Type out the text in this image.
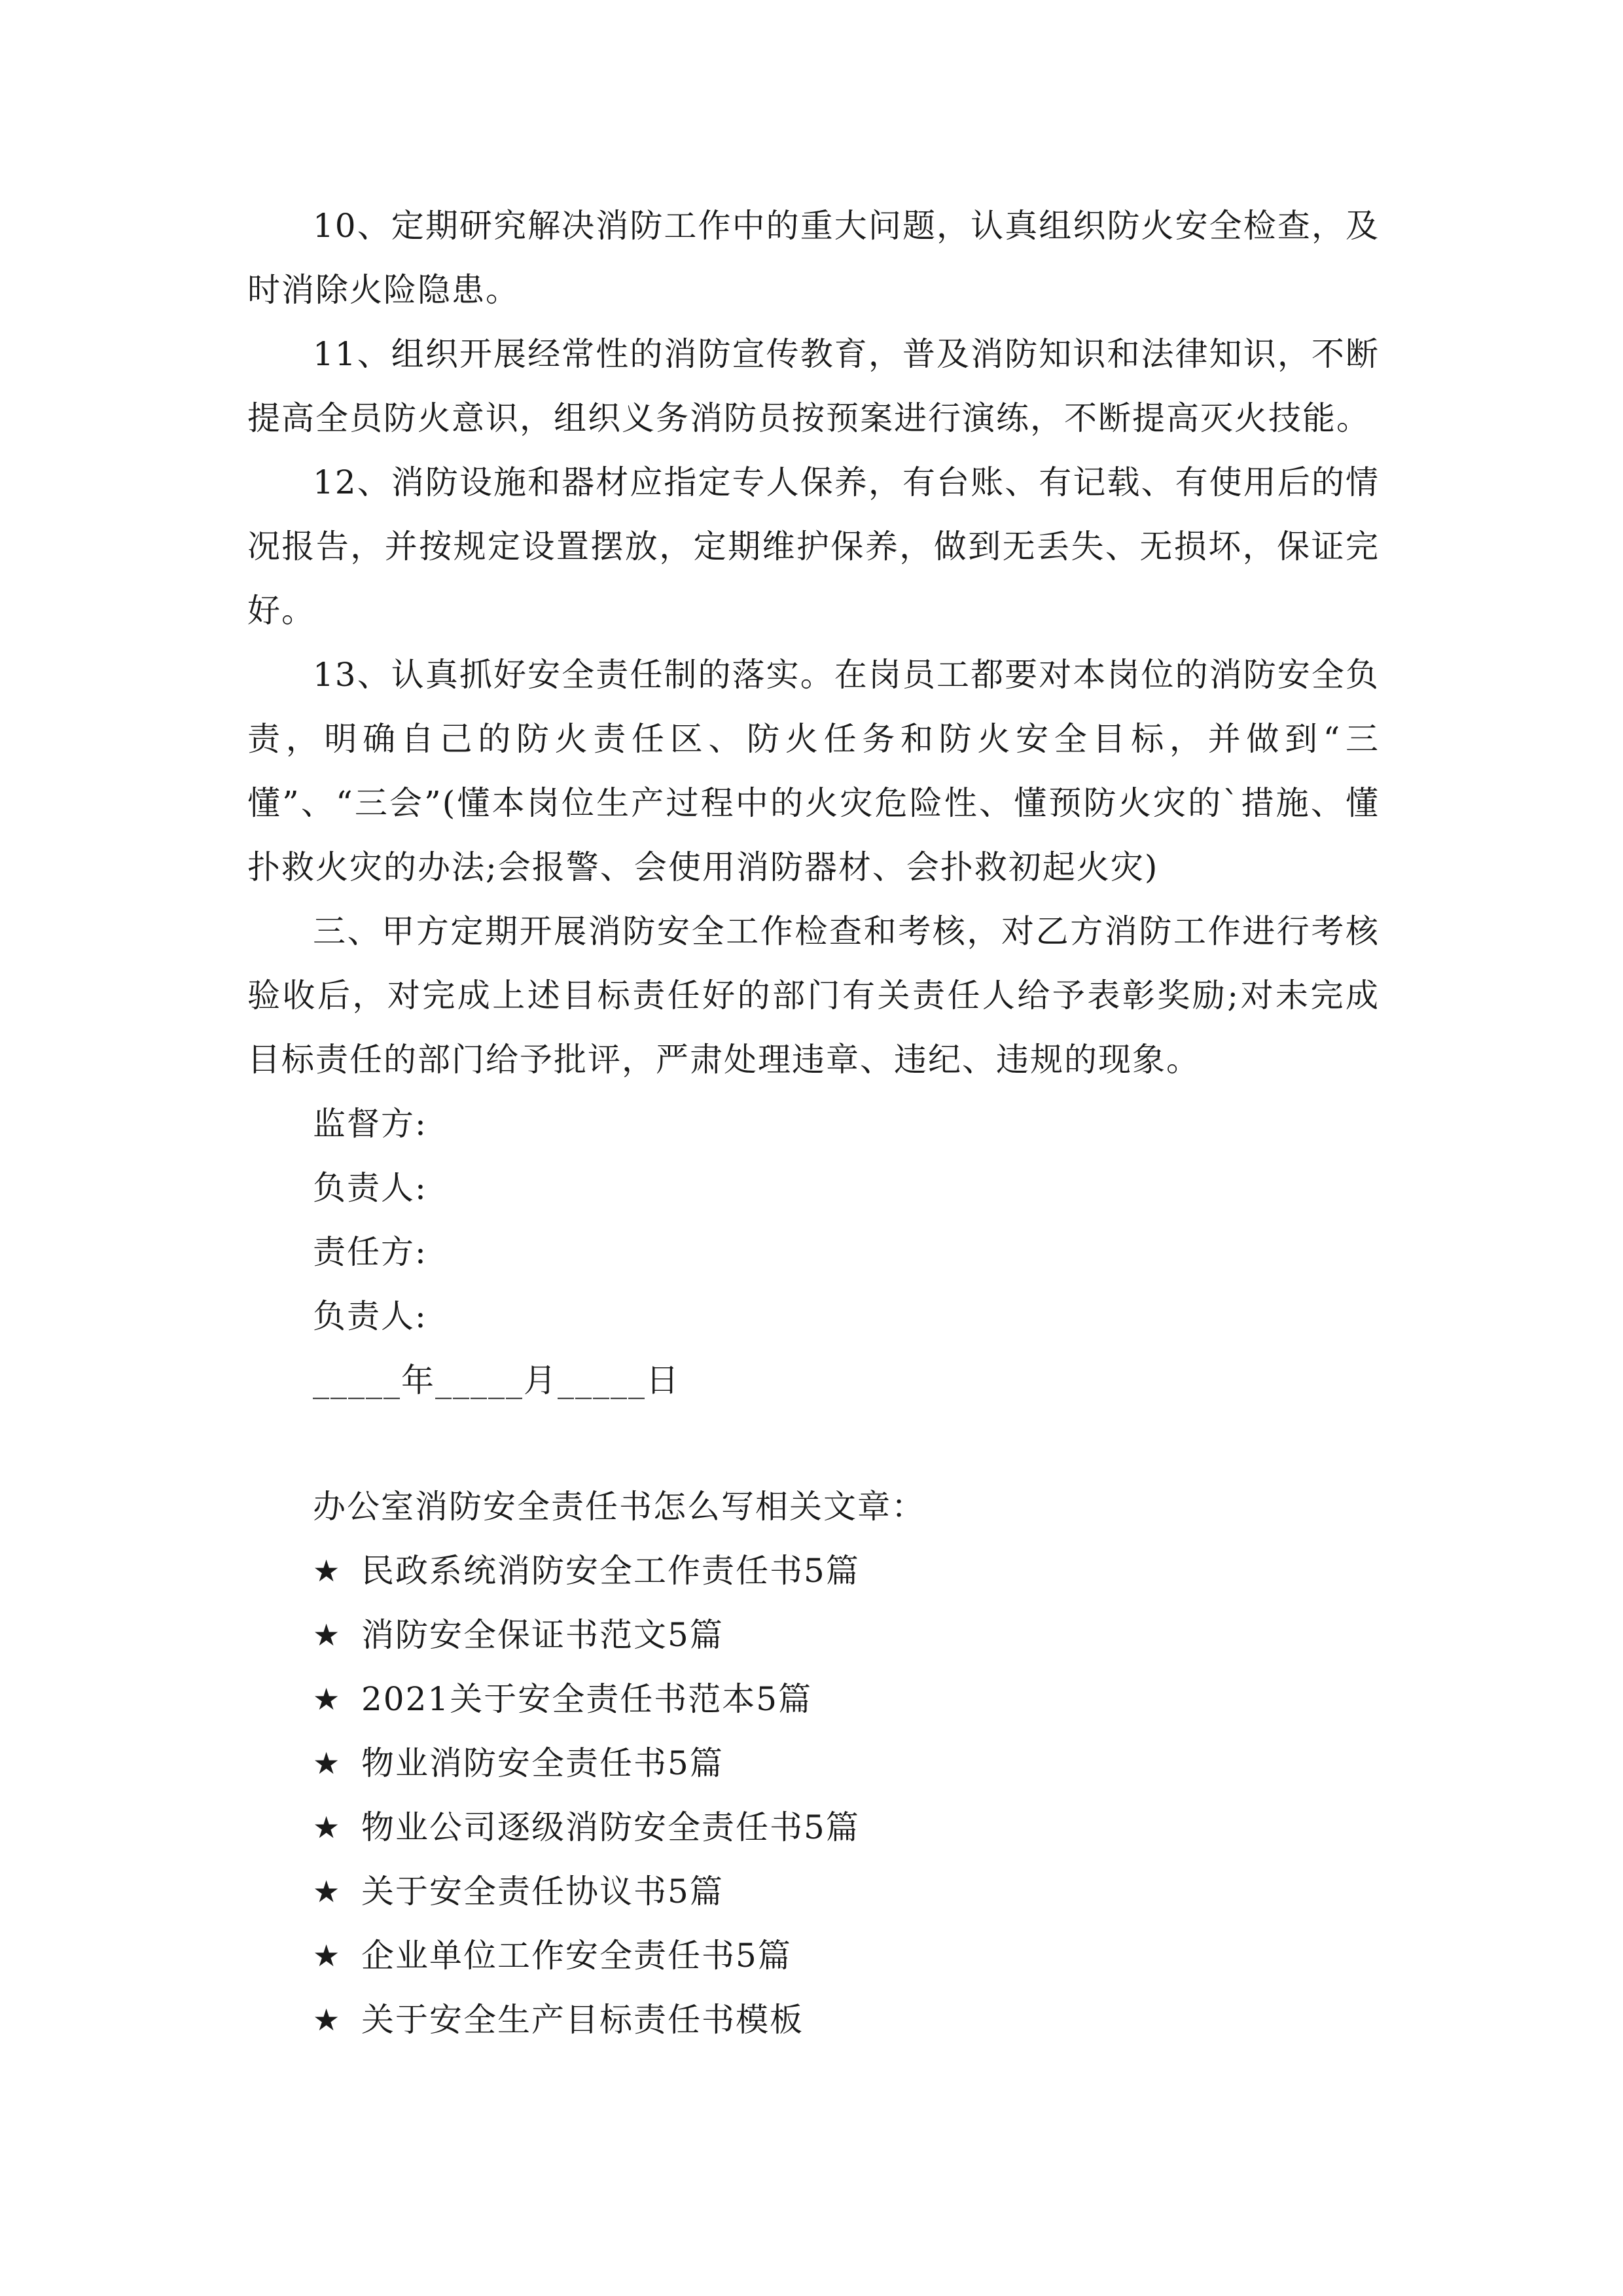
10、定期研究解决消防工作中的重大问题，认真组织防火安全检查，及时消除火险隐患。

11、组织开展经常性的消防宣传教育，普及消防知识和法律知识，不断提高全员防火意识，组织义务消防员按预案进行演练，不断提高灭火技能。

12、消防设施和器材应指定专人保养，有台账、有记载、有使用后的情况报告，并按规定设置摆放，定期维护保养，做到无丢失、无损坏，保证完好。

13、认真抓好安全责任制的落实。在岗员工都要对本岗位的消防安全负责，明确自己的防火责任区、防火任务和防火安全目标，并做到“三懂”、“三会”(懂本岗位生产过程中的火灾危险性、懂预防火灾的`措施、懂扑救火灾的办法;会报警、会使用消防器材、会扑救初起火灾)

三、甲方定期开展消防安全工作检查和考核，对乙方消防工作进行考核验收后，对完成上述目标责任好的部门有关责任人给予表彰奖励;对未完成目标责任的部门给予批评，严肃处理违章、违纪、违规的现象。

监督方:

负责人:

责任方:

负责人:

_____年_____月_____日

办公室消防安全责任书怎么写相关文章：

★ 民政系统消防安全工作责任书5篇
★ 消防安全保证书范文5篇
★ 2021关于安全责任书范本5篇
★ 物业消防安全责任书5篇
★ 物业公司逐级消防安全责任书5篇
★ 关于安全责任协议书5篇
★ 企业单位工作安全责任书5篇
★ 关于安全生产目标责任书模板
